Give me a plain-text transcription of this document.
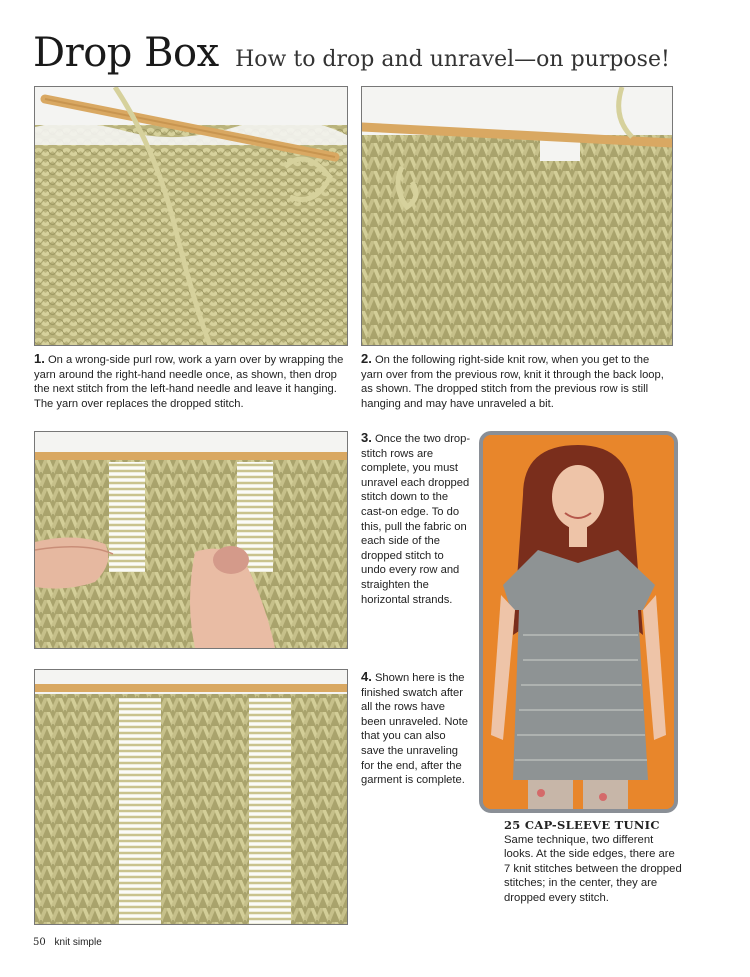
Drop Box How to drop and unravel—on purpose!
1. On a wrong-side purl row, work a yarn over by wrapping the yarn around the right-hand needle once, as shown, then drop the next stitch from the left-hand needle and leave it hanging. The yarn over replaces the dropped stitch.
2. On the following right-side knit row, when you get to the yarn over from the previous row, knit it through the back loop, as shown. The dropped stitch from the previous row is still hanging and may have unraveled a bit.
3. Once the two drop-stitch rows are complete, you must unravel each dropped stitch down to the cast-on edge. To do this, pull the fabric on each side of the dropped stitch to undo every row and straighten the horizontal strands.
4. Shown here is the finished swatch after all the rows have been unraveled. Note that you can also save the unraveling for the end, after the garment is complete.
25 CAP-SLEEVE TUNIC
Same technique, two different looks. At the side edges, there are 7 knit stitches between the dropped stitches; in the center, they are dropped every stitch.
50 knit simple
